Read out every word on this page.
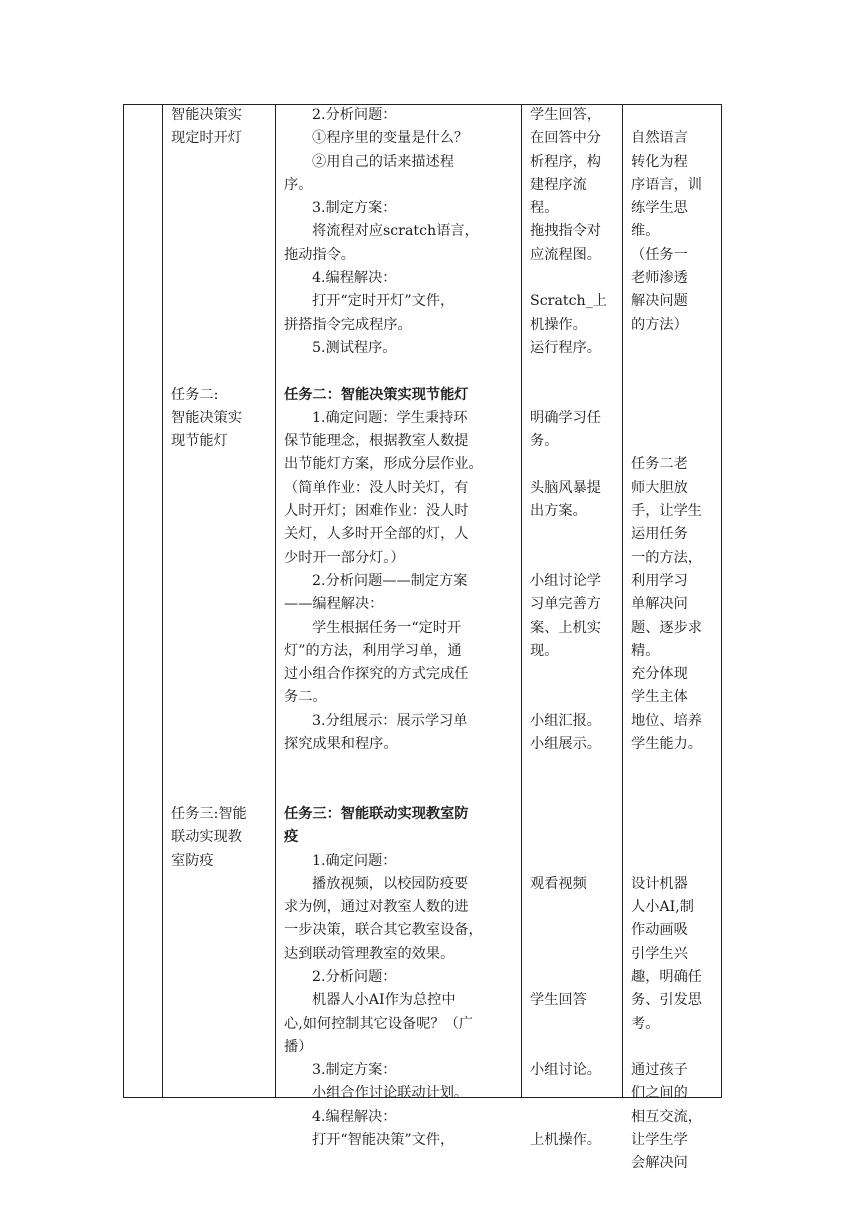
智能决策实
现定时开灯
任务二:
智能决策实
现节能灯
任务三:智能
联动实现教
室防疫
2.分析问题：
①程序里的变量是什么？
②用自己的话来描述程
序。
3.制定方案：
将流程对应scratch语言，
拖动指令。
4.编程解决：
打开“定时开灯”文件，
拼搭指令完成程序。
5.测试程序。
任务二：智能决策实现节能灯
1.确定问题：学生秉持环
保节能理念，根据教室人数提
出节能灯方案，形成分层作业。
（简单作业：没人时关灯，有
人时开灯；困难作业：没人时
关灯，人多时开全部的灯，人
少时开一部分灯。）
2.分析问题——制定方案
——编程解决：
学生根据任务一“定时开
灯”的方法，利用学习单，通
过小组合作探究的方式完成任
务二。
3.分组展示：展示学习单
探究成果和程序。
任务三：智能联动实现教室防
疫
1.确定问题：
播放视频，以校园防疫要
求为例，通过对教室人数的进
一步决策，联合其它教室设备，
达到联动管理教室的效果。
2.分析问题：
机器人小AI作为总控中
心,如何控制其它设备呢？（广
播）
3.制定方案：
小组合作讨论联动计划。
4.编程解决：
打开“智能决策”文件，
学生回答，
在回答中分
析程序，构
建程序流
程。
拖拽指令对
应流程图。
Scratch_上
机操作。
运行程序。
明确学习任
务。
头脑风暴提
出方案。
小组讨论学
习单完善方
案、上机实
现。
小组汇报。
小组展示。
观看视频
学生回答
小组讨论。
上机操作。
自然语言
转化为程
序语言，训
练学生思
维。
（任务一
老师渗透
解决问题
的方法）
任务二老
师大胆放
手，让学生
运用任务
一的方法，
利用学习
单解决问
题、逐步求
精。
充分体现
学生主体
地位、培养
学生能力。
设计机器
人小AI,制
作动画吸
引学生兴
趣，明确任
务、引发思
考。
通过孩子
们之间的
相互交流，
让学生学
会解决问
